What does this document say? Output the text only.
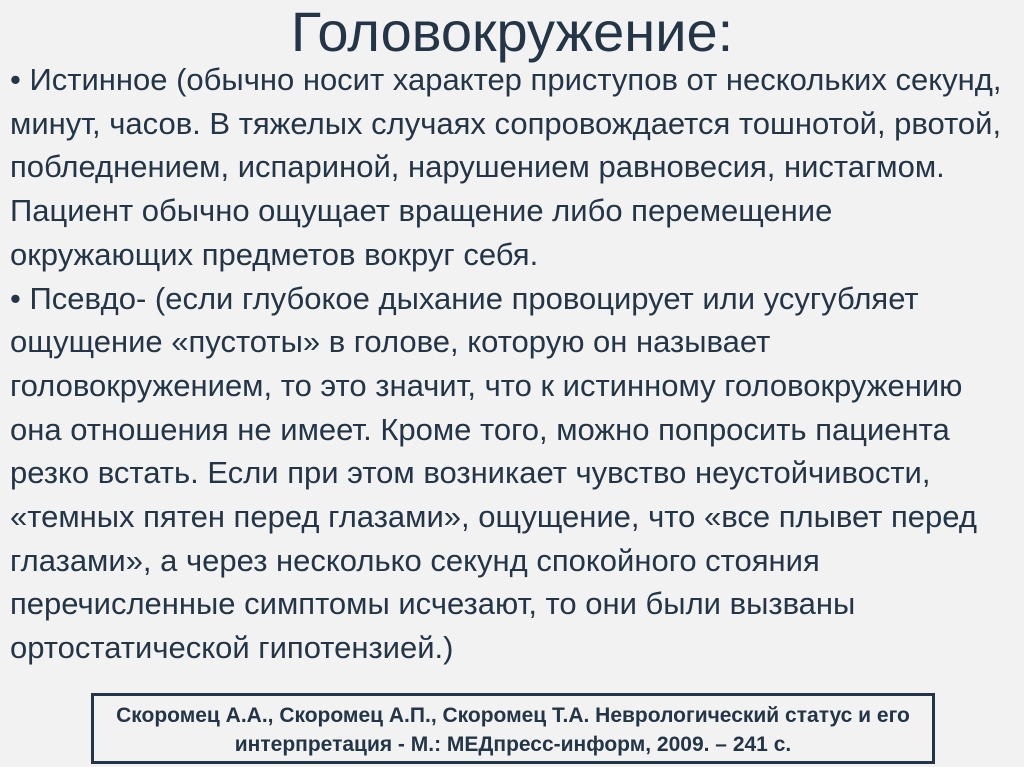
Головокружение:

• Истинное (обычно носит характер приступов от нескольких секунд, минут, часов. В тяжелых случаях сопровождается тошнотой, рвотой, побледнением, испариной, нарушением равновесия, нистагмом. Пациент обычно ощущает вращение либо перемещение окружающих предметов вокруг себя.

• Псевдо- (если глубокое дыхание провоцирует или усугубляет ощущение «пустоты» в голове, которую он называет головокружением, то это значит, что к истинному головокружению она отношения не имеет. Кроме того, можно попросить пациента резко встать. Если при этом возникает чувство неустойчивости, «темных пятен перед глазами», ощущение, что «все плывет перед глазами», а через несколько секунд спокойного стояния перечисленные симптомы исчезают, то они были вызваны ортостатической гипотензией.)

Скоромец А.А., Скоромец А.П., Скоромец Т.А. Неврологический статус и его интерпретация - М.: МЕДпресс-информ, 2009. – 241 с.
